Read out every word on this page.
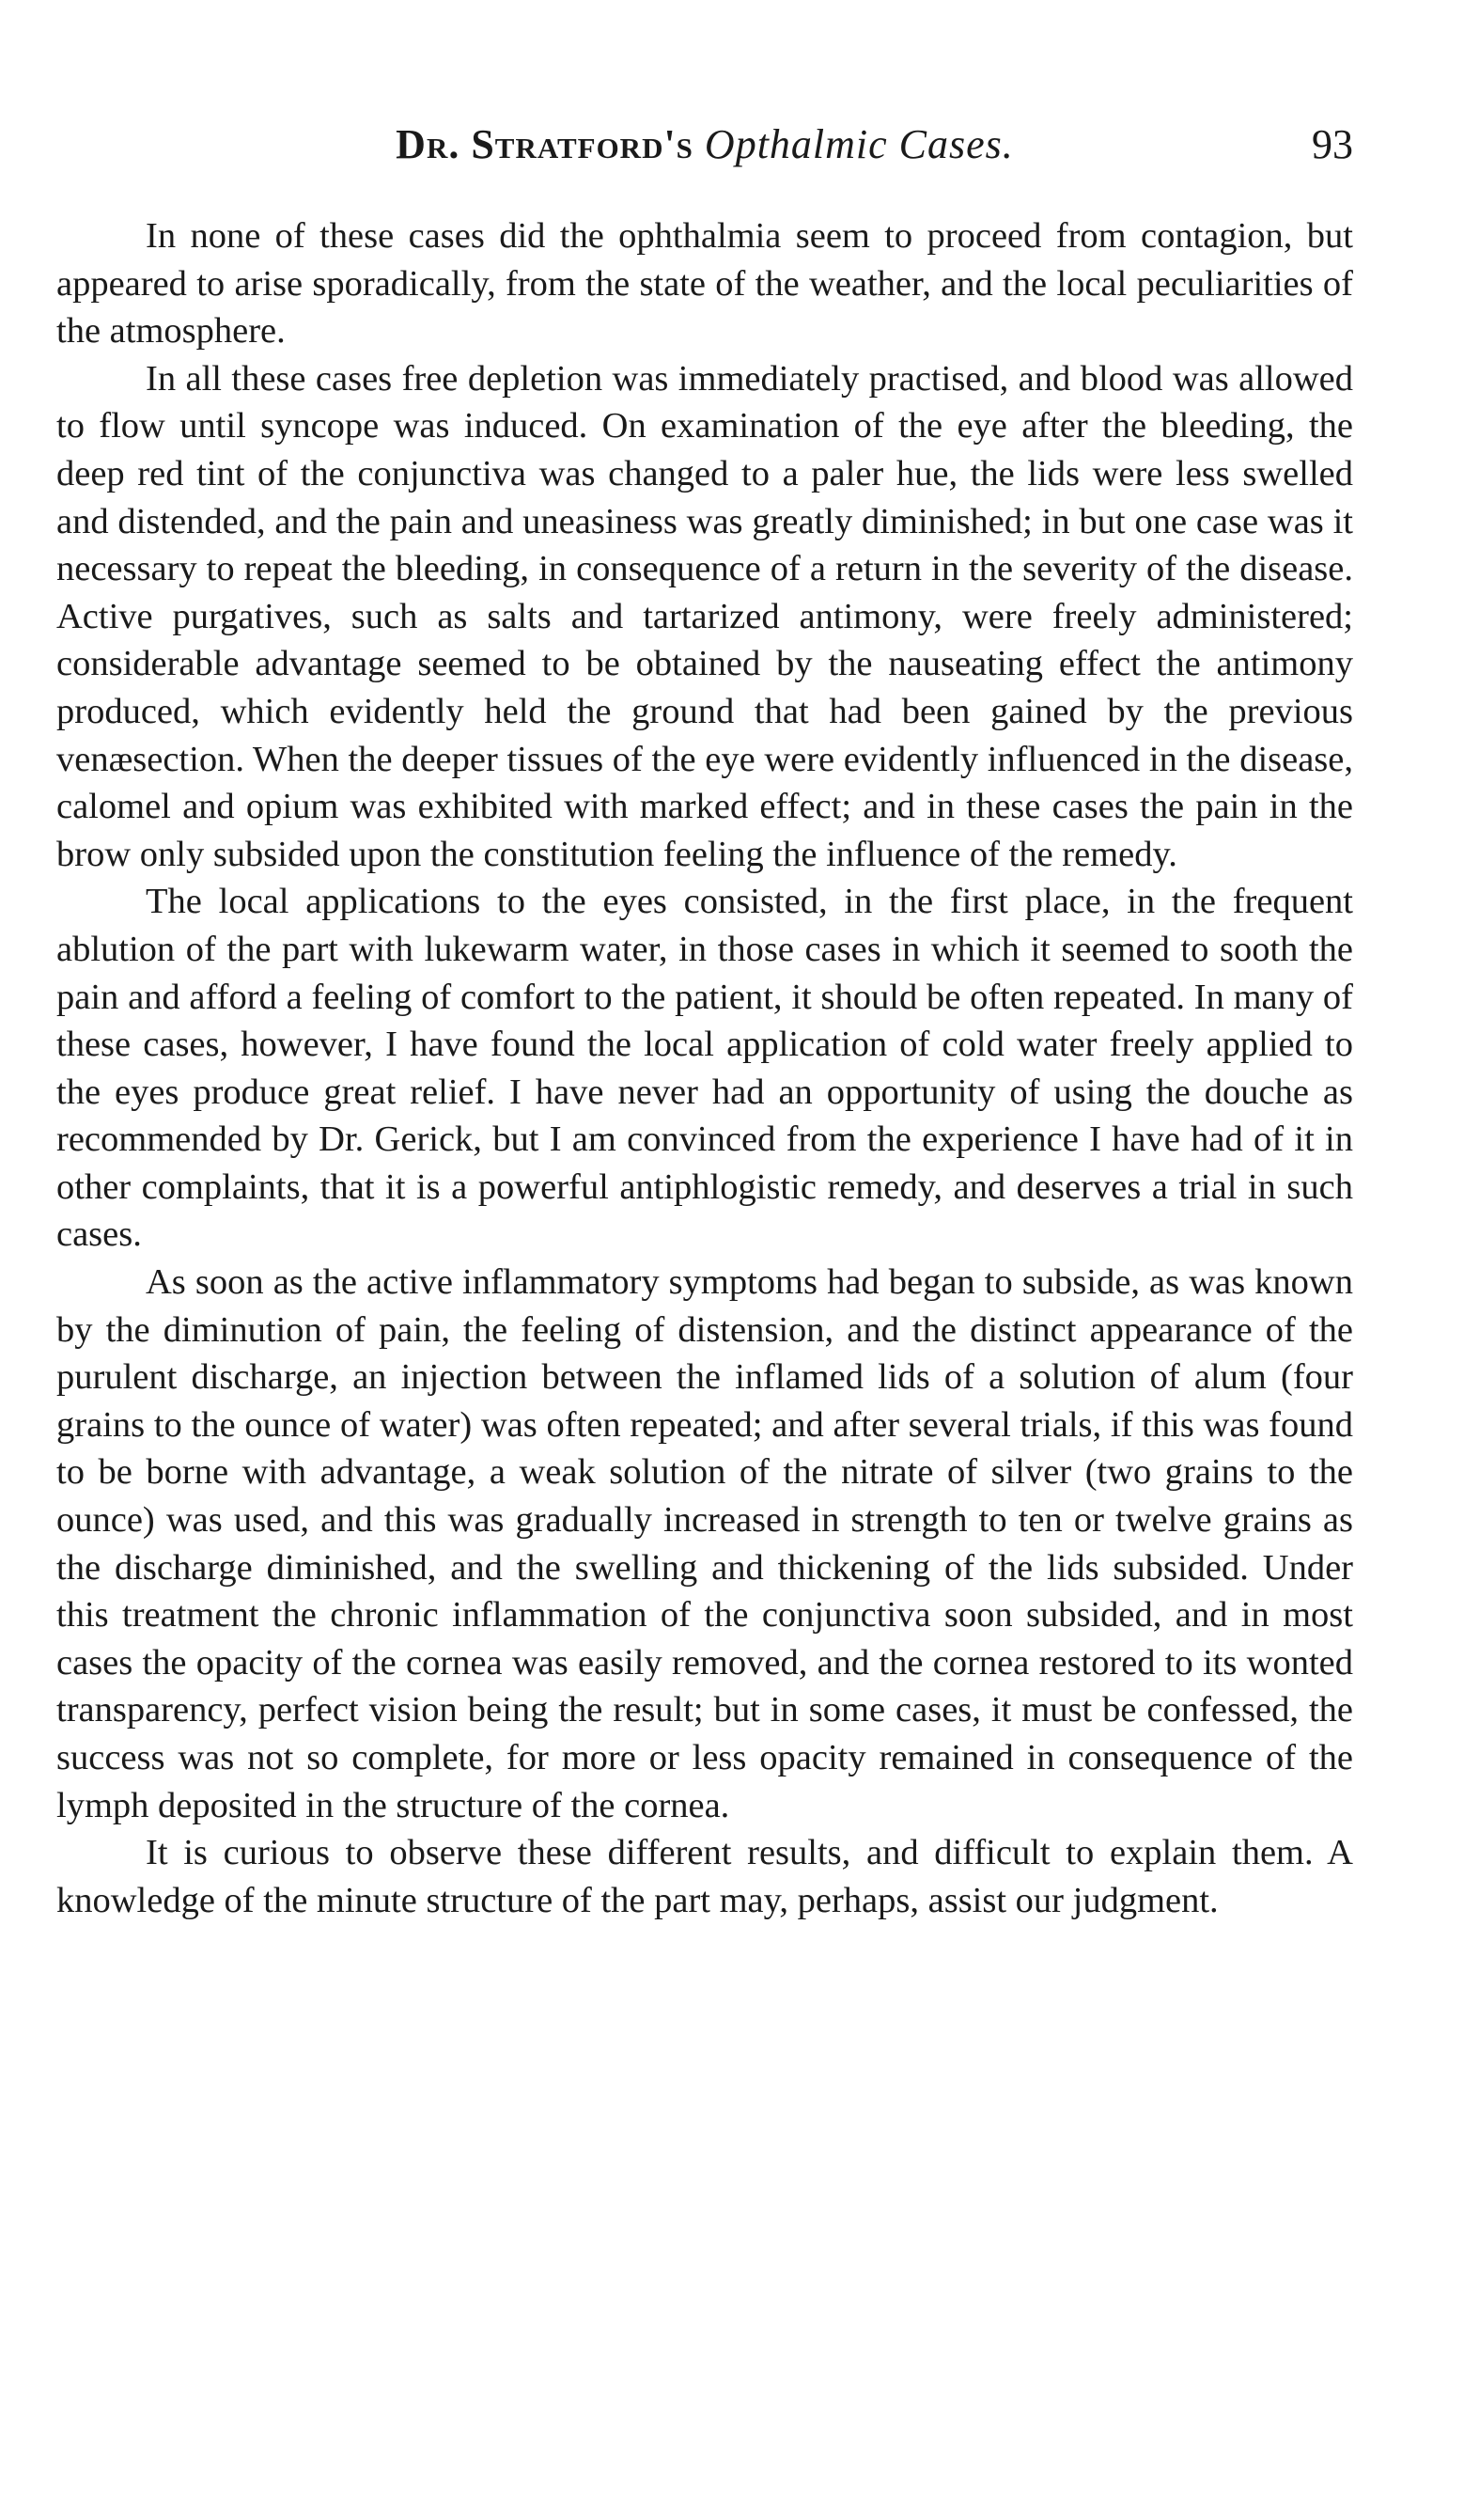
Dr. Stratford's Opthalmic Cases.	93

In none of these cases did the ophthalmia seem to proceed from contagion, but appeared to arise sporadically, from the state of the weather, and the local peculiarities of the atmosphere.

In all these cases free depletion was immediately practised, and blood was allowed to flow until syncope was induced. On examination of the eye after the bleeding, the deep red tint of the conjunctiva was changed to a paler hue, the lids were less swelled and distended, and the pain and uneasiness was greatly diminished; in but one case was it necessary to repeat the bleeding, in consequence of a return in the severity of the disease. Active purgatives, such as salts and tartarized antimony, were freely administered; considerable advantage seemed to be obtained by the nauseating effect the antimony produced, which evidently held the ground that had been gained by the previous venæsection. When the deeper tissues of the eye were evidently influenced in the disease, calomel and opium was exhibited with marked effect; and in these cases the pain in the brow only subsided upon the constitution feeling the influence of the remedy.

The local applications to the eyes consisted, in the first place, in the frequent ablution of the part with lukewarm water, in those cases in which it seemed to sooth the pain and afford a feeling of comfort to the patient, it should be often repeated. In many of these cases, however, I have found the local application of cold water freely applied to the eyes produce great relief. I have never had an opportunity of using the douche as recommended by Dr. Gerick, but I am convinced from the experience I have had of it in other complaints, that it is a powerful antiphlogistic remedy, and deserves a trial in such cases.

As soon as the active inflammatory symptoms had began to subside, as was known by the diminution of pain, the feeling of distension, and the distinct appearance of the purulent discharge, an injection between the inflamed lids of a solution of alum (four grains to the ounce of water) was often repeated; and after several trials, if this was found to be borne with advantage, a weak solution of the nitrate of silver (two grains to the ounce) was used, and this was gradually increased in strength to ten or twelve grains as the discharge diminished, and the swelling and thickening of the lids subsided. Under this treatment the chronic inflammation of the conjunctiva soon subsided, and in most cases the opacity of the cornea was easily removed, and the cornea restored to its wonted transparency, perfect vision being the result; but in some cases, it must be confessed, the success was not so complete, for more or less opacity remained in consequence of the lymph deposited in the structure of the cornea.

It is curious to observe these different results, and difficult to explain them. A knowledge of the minute structure of the part may, perhaps, assist our judgment.
